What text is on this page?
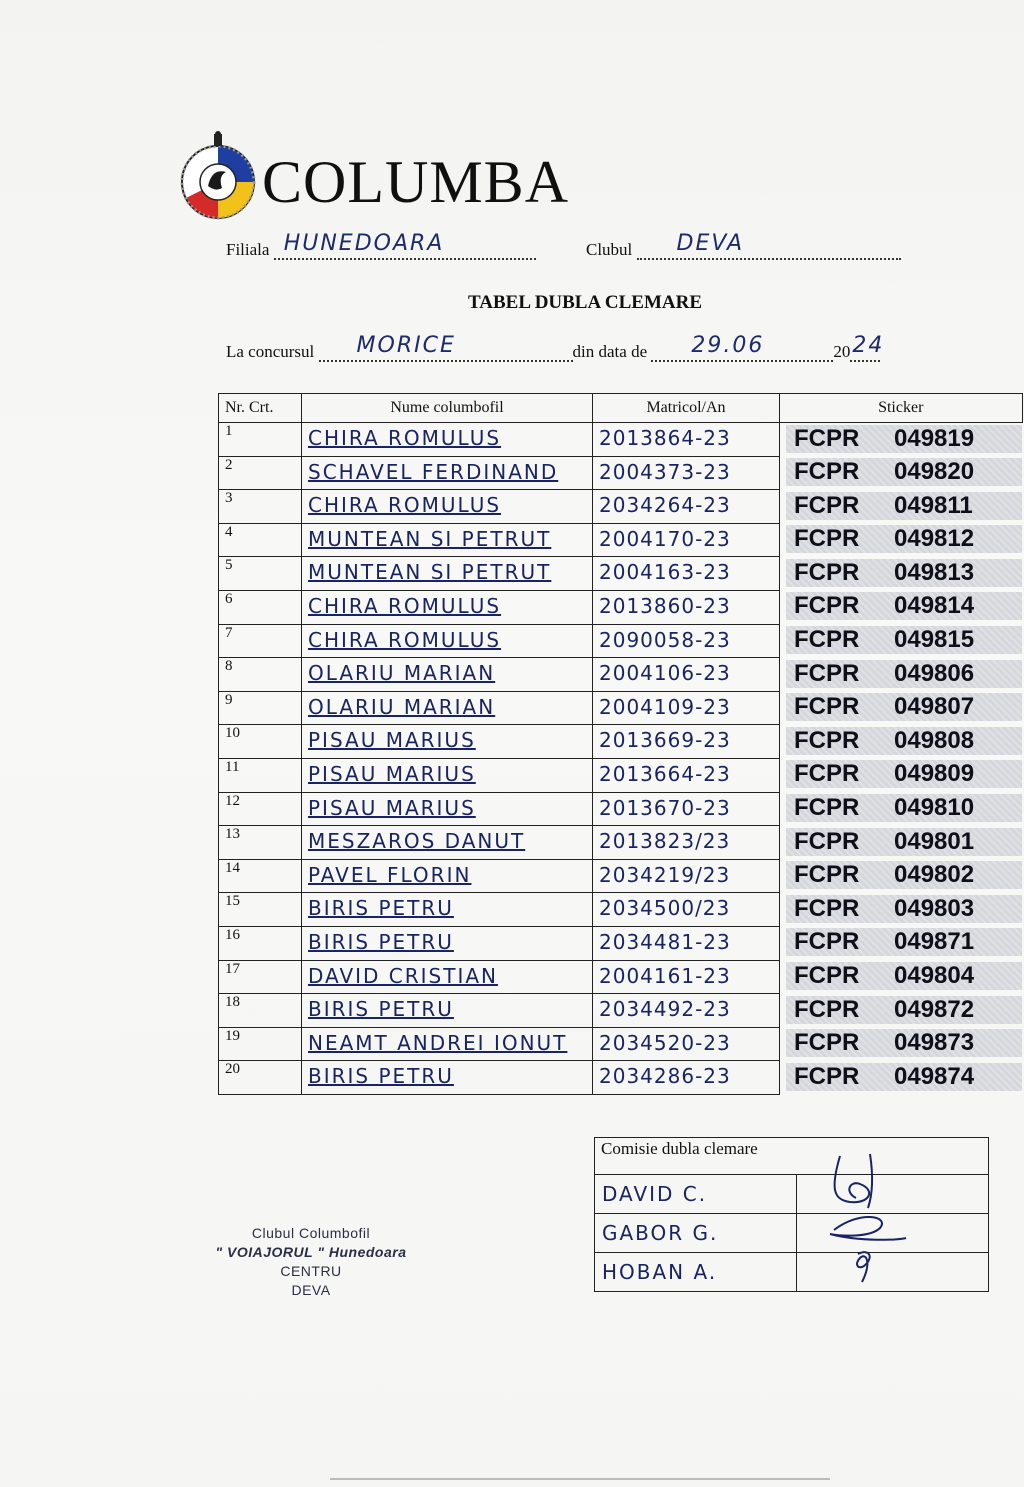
COLUMBA
Filiala HUNEDOARA	Clubul DEVA
TABEL DUBLA CLEMARE
La concursul MORICE	din data de 29.06	20 24
Nr. Crt.	Nume columbofil	Matricol/An	Sticker
1	CHIRA ROMULUS	2013864-23	FCPR 049819
2	SCHAVEL FERDINAND	2004373-23	FCPR 049820
3	CHIRA ROMULUS	2034264-23	FCPR 049811
4	MUNTEAN SI PETRUT	2004170-23	FCPR 049812
5	MUNTEAN SI PETRUT	2004163-23	FCPR 049813
6	CHIRA ROMULUS	2013860-23	FCPR 049814
7	CHIRA ROMULUS	2090058-23	FCPR 049815
8	OLARIU MARIAN	2004106-23	FCPR 049806
9	OLARIU MARIAN	2004109-23	FCPR 049807
10	PISAU MARIUS	2013669-23	FCPR 049808
11	PISAU MARIUS	2013664-23	FCPR 049809
12	PISAU MARIUS	2013670-23	FCPR 049810
13	MESZAROS DANUT	2013823/23	FCPR 049801
14	PAVEL FLORIN	2034219/23	FCPR 049802
15	BIRIS PETRU	2034500/23	FCPR 049803
16	BIRIS PETRU	2034481-23	FCPR 049871
17	DAVID CRISTIAN	2004161-23	FCPR 049804
18	BIRIS PETRU	2034492-23	FCPR 049872
19	NEAMT ANDREI IONUT	2034520-23	FCPR 049873
20	BIRIS PETRU	2034286-23	FCPR 049874
Comisie dubla clemare	

DAVID C.	

GABOR G.	

HOBAN A.	

Clubul Columbofil
" VOIAJORUL " Hunedoara
CENTRU
DEVA
